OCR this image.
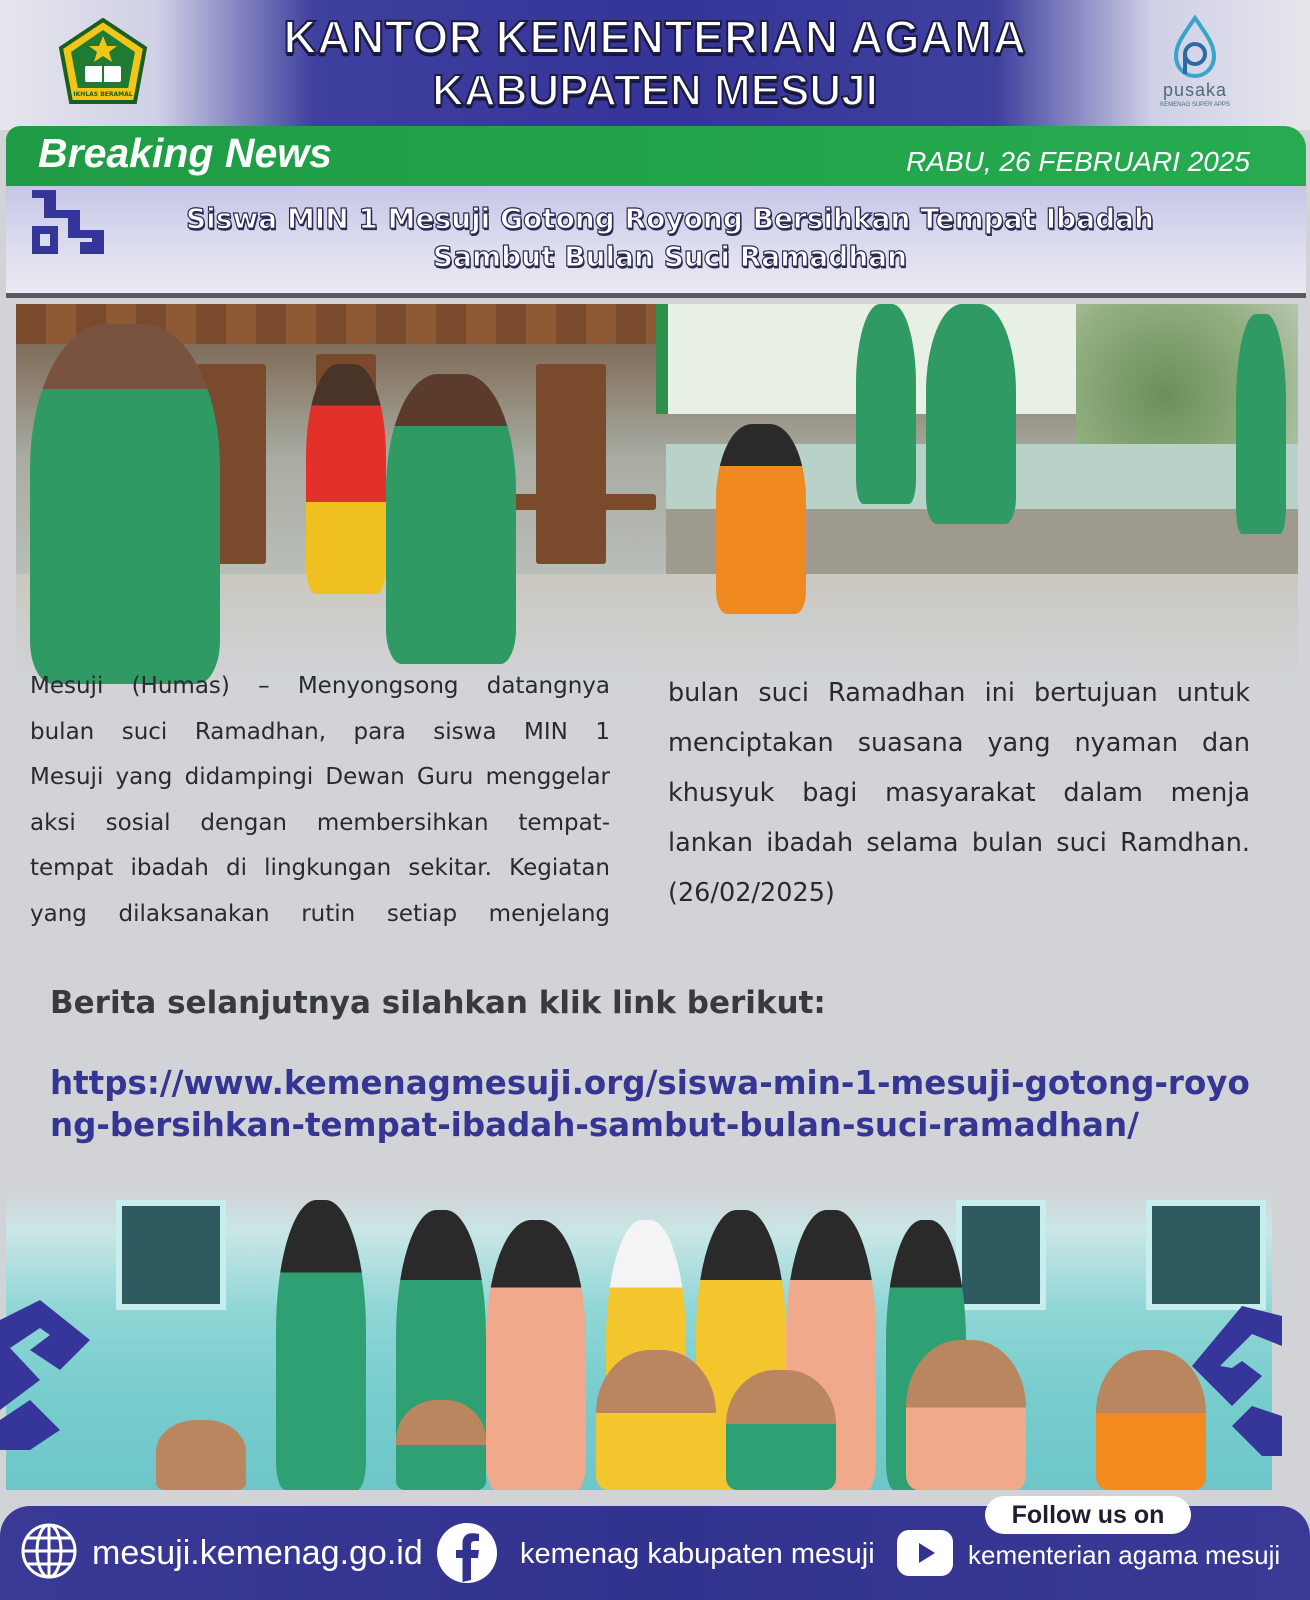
IKHLAS BERAMAL
KANTOR KEMENTERIAN AGAMA
KABUPATEN MESUJI	pusaka
KEMENAG SUPER APPS
Breaking News	RABU, 26 FEBRUARI 2025
Siswa MIN 1 Mesuji Gotong Royong Bersihkan Tempat Ibadah
Sambut Bulan Suci Ramadhan
Mesuji (Humas) – Menyongsong datangnya
bulan suci Ramadhan, para siswa MIN 1
Mesuji yang didampingi Dewan Guru menggelar
aksi sosial dengan membersihkan tempat-
tempat ibadah di lingkungan sekitar. Kegiatan
yang dilaksanakan rutin setiap menjelang
bulan suci Ramadhan ini bertujuan untuk
menciptakan suasana yang nyaman dan
khusyuk bagi masyarakat dalam menja
lankan ibadah selama bulan suci Ramdhan.
(26/02/2025)
Berita selanjutnya silahkan klik link berikut:
https://www.kemenagmesuji.org/siswa-min-1-mesuji-gotong-royong-bersihkan-tempat-ibadah-sambut-bulan-suci-ramadhan/
Follow us on
mesuji.kemenag.go.id	kemenag kabupaten mesuji	kementerian agama mesuji
